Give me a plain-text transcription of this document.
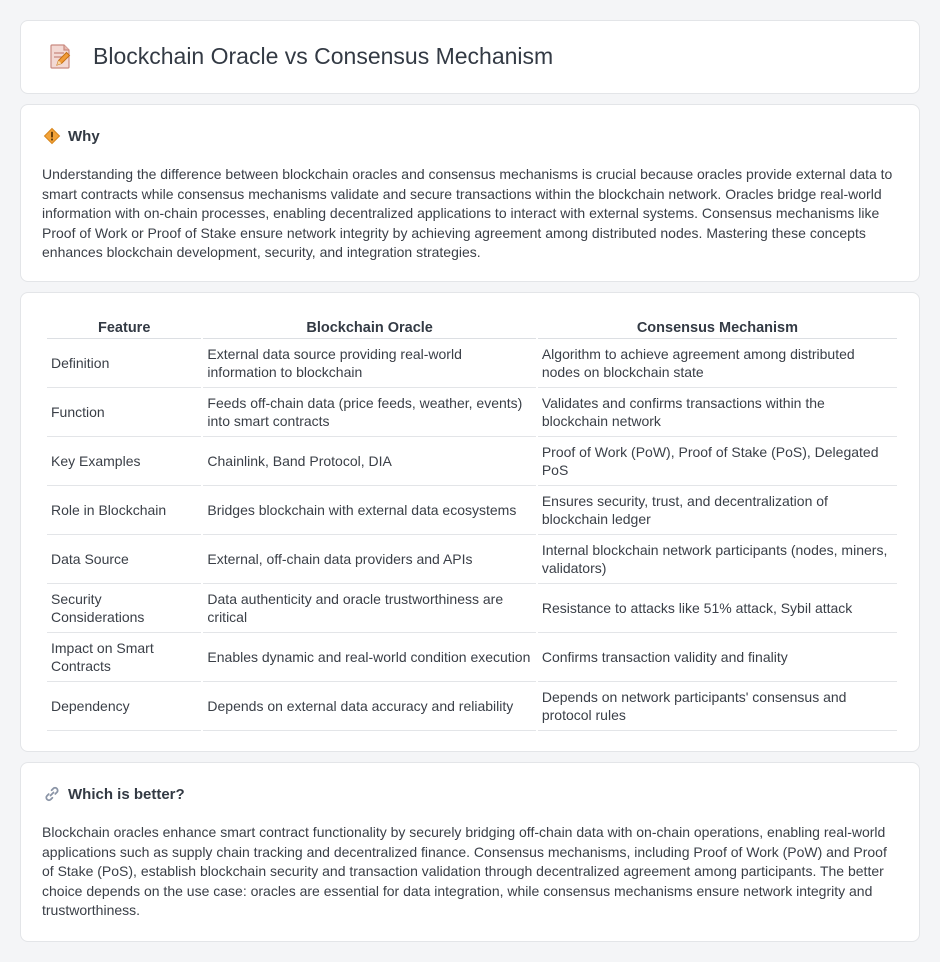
Blockchain Oracle vs Consensus Mechanism
Why

Understanding the difference between blockchain oracles and consensus mechanisms is crucial because oracles provide external data to smart contracts while consensus mechanisms validate and secure transactions within the blockchain network. Oracles bridge real-world information with on-chain processes, enabling decentralized applications to interact with external systems. Consensus mechanisms like Proof of Work or Proof of Stake ensure network integrity by achieving agreement among distributed nodes. Mastering these concepts enhances blockchain development, security, and integration strategies.

Feature	Blockchain Oracle	Consensus Mechanism
Definition	External data source providing real-world information to blockchain	Algorithm to achieve agreement among distributed nodes on blockchain state
Function	Feeds off-chain data (price feeds, weather, events) into smart contracts	Validates and confirms transactions within the blockchain network
Key Examples	Chainlink, Band Protocol, DIA	Proof of Work (PoW), Proof of Stake (PoS), Delegated PoS
Role in Blockchain	Bridges blockchain with external data ecosystems	Ensures security, trust, and decentralization of blockchain ledger
Data Source	External, off-chain data providers and APIs	Internal blockchain network participants (nodes, miners, validators)
Security Considerations	Data authenticity and oracle trustworthiness are critical	Resistance to attacks like 51% attack, Sybil attack
Impact on Smart Contracts	Enables dynamic and real-world condition execution	Confirms transaction validity and finality
Dependency	Depends on external data accuracy and reliability	Depends on network participants' consensus and protocol rules
Which is better?

Blockchain oracles enhance smart contract functionality by securely bridging off-chain data with on-chain operations, enabling real-world applications such as supply chain tracking and decentralized finance. Consensus mechanisms, including Proof of Work (PoW) and Proof of Stake (PoS), establish blockchain security and transaction validation through decentralized agreement among participants. The better choice depends on the use case: oracles are essential for data integration, while consensus mechanisms ensure network integrity and trustworthiness.
